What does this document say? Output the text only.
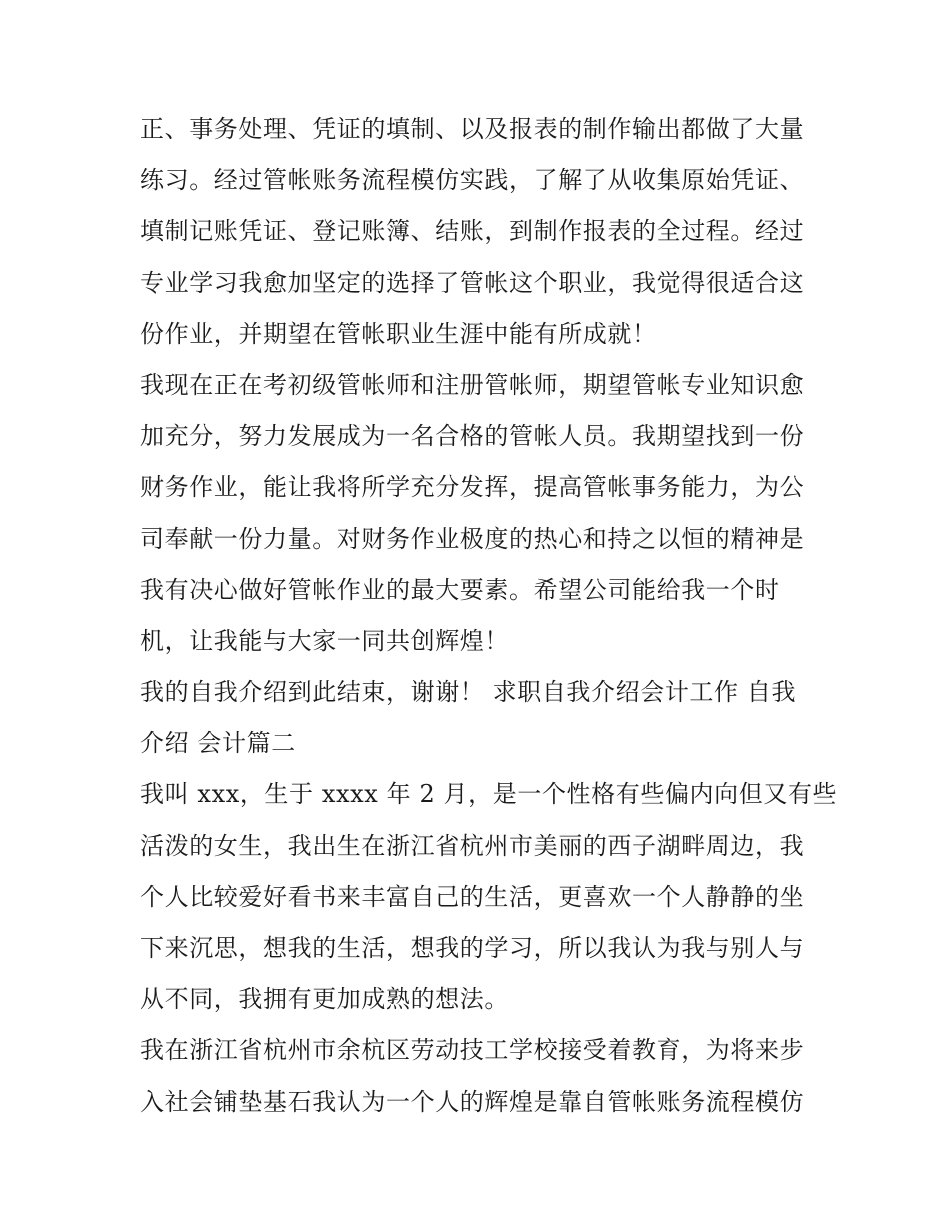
正、事务处理、凭证的填制、以及报表的制作输出都做了大量
练习。经过管帐账务流程模仿实践，了解了从收集原始凭证、
填制记账凭证、登记账簿、结账，到制作报表的全过程。经过
专业学习我愈加坚定的选择了管帐这个职业，我觉得很适合这
份作业，并期望在管帐职业生涯中能有所成就！
我现在正在考初级管帐师和注册管帐师，期望管帐专业知识愈
加充分，努力发展成为一名合格的管帐人员。我期望找到一份
财务作业，能让我将所学充分发挥，提高管帐事务能力，为公
司奉献一份力量。对财务作业极度的热心和持之以恒的精神是
我有决心做好管帐作业的最大要素。希望公司能给我一个时
机，让我能与大家一同共创辉煌！
我的自我介绍到此结束，谢谢！ 求职自我介绍会计工作 自我
介绍 会计篇二
我叫 xxx，生于 xxxx 年 2 月，是一个性格有些偏内向但又有些
活泼的女生，我出生在浙江省杭州市美丽的西子湖畔周边，我
个人比较爱好看书来丰富自己的生活，更喜欢一个人静静的坐
下来沉思，想我的生活，想我的学习，所以我认为我与别人与
从不同，我拥有更加成熟的想法。
我在浙江省杭州市余杭区劳动技工学校接受着教育，为将来步
入社会铺垫基石我认为一个人的辉煌是靠自管帐账务流程模仿
